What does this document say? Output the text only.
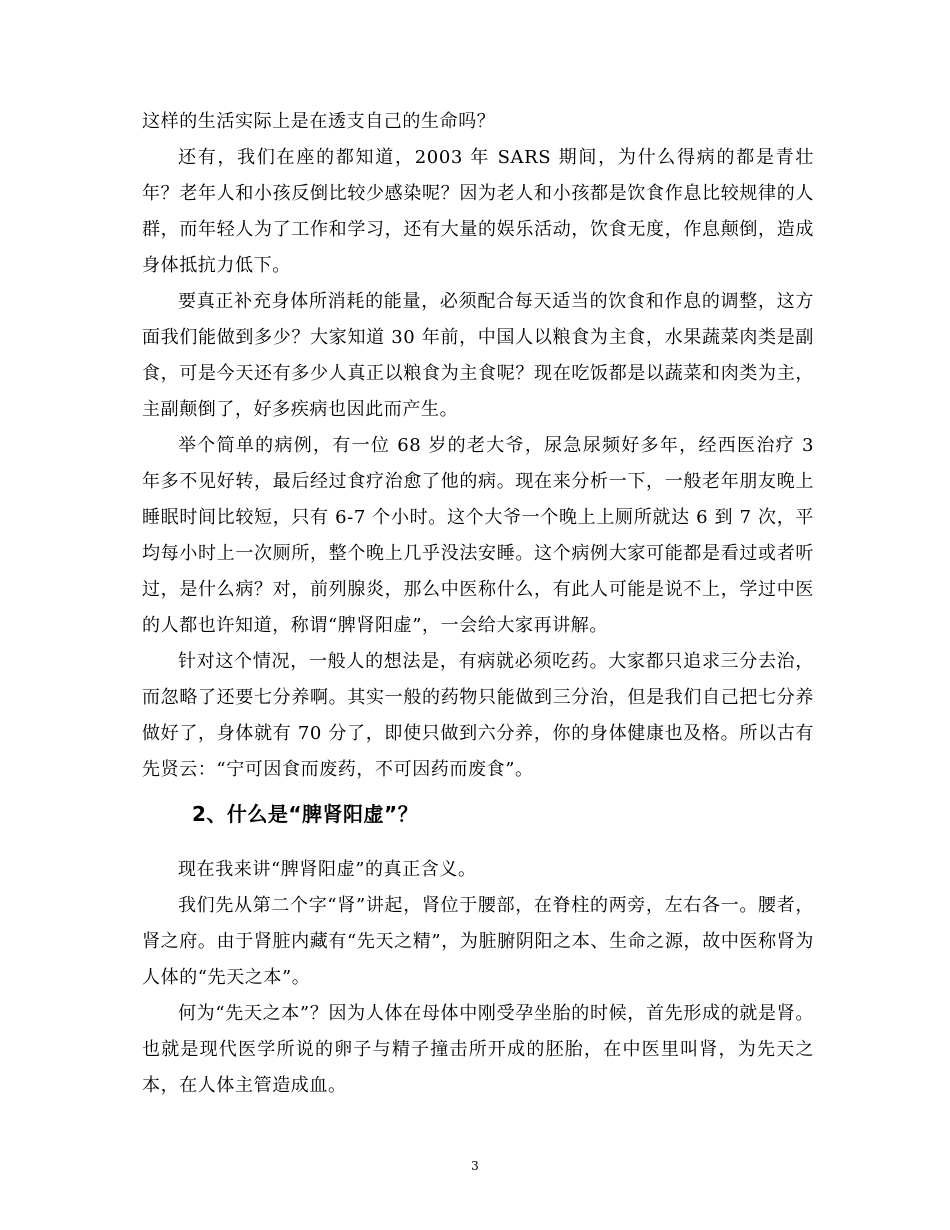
这样的生活实际上是在透支自己的生命吗？

还有，我们在座的都知道，2003 年 SARS 期间，为什么得病的都是青壮年？老年人和小孩反倒比较少感染呢？因为老人和小孩都是饮食作息比较规律的人群，而年轻人为了工作和学习，还有大量的娱乐活动，饮食无度，作息颠倒，造成身体抵抗力低下。

要真正补充身体所消耗的能量，必须配合每天适当的饮食和作息的调整，这方面我们能做到多少？大家知道 30 年前，中国人以粮食为主食，水果蔬菜肉类是副食，可是今天还有多少人真正以粮食为主食呢？现在吃饭都是以蔬菜和肉类为主，主副颠倒了，好多疾病也因此而产生。

举个简单的病例，有一位 68 岁的老大爷，尿急尿频好多年，经西医治疗 3 年多不见好转，最后经过食疗治愈了他的病。现在来分析一下，一般老年朋友晚上睡眠时间比较短，只有 6-7 个小时。这个大爷一个晚上上厕所就达 6 到 7 次，平均每小时上一次厕所，整个晚上几乎没法安睡。这个病例大家可能都是看过或者听过，是什么病？对，前列腺炎，那么中医称什么，有此人可能是说不上，学过中医的人都也许知道，称谓“脾肾阳虚”，一会给大家再讲解。

针对这个情况，一般人的想法是，有病就必须吃药。大家都只追求三分去治，而忽略了还要七分养啊。其实一般的药物只能做到三分治，但是我们自己把七分养做好了，身体就有 70 分了，即使只做到六分养，你的身体健康也及格。所以古有先贤云：“宁可因食而废药，不可因药而废食”。

2、什么是“脾肾阳虚”？

现在我来讲“脾肾阳虚”的真正含义。

我们先从第二个字“肾”讲起，肾位于腰部，在脊柱的两旁，左右各一。腰者，肾之府。由于肾脏内藏有“先天之精”，为脏腑阴阳之本、生命之源，故中医称肾为人体的“先天之本”。

何为“先天之本”？因为人体在母体中刚受孕坐胎的时候，首先形成的就是肾。也就是现代医学所说的卵子与精子撞击所开成的胚胎，在中医里叫肾，为先天之本，在人体主管造成血。

3
